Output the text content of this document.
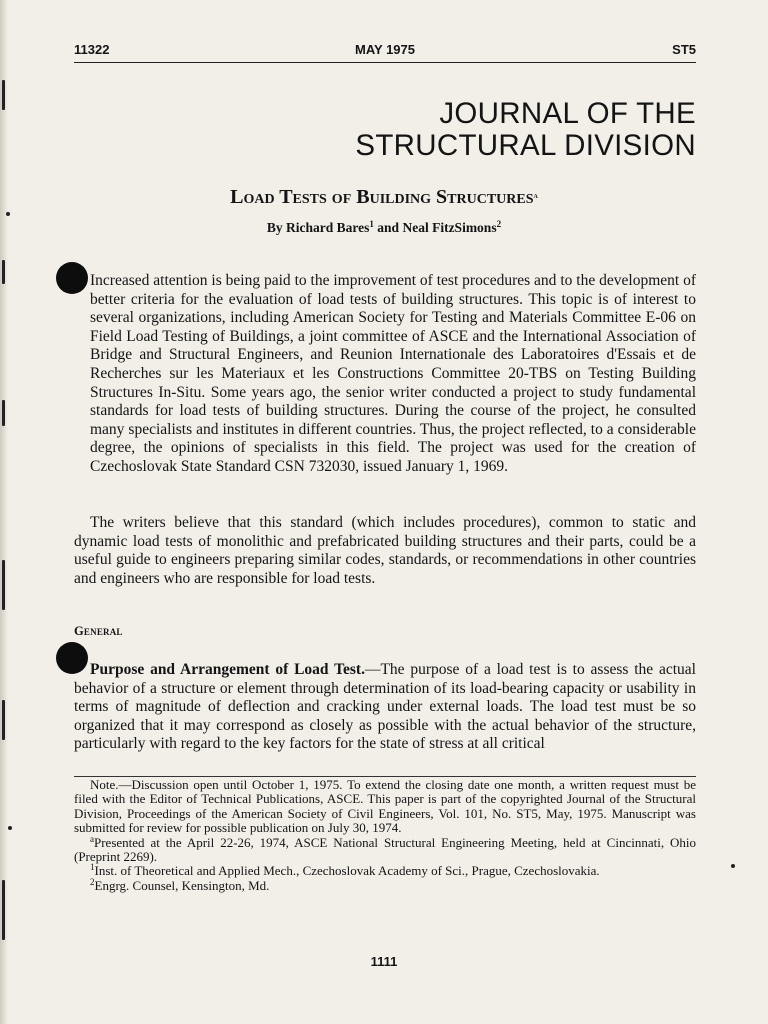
11322	MAY 1975	ST5
JOURNAL OF THE
STRUCTURAL DIVISION
Load Tests of Building Structures$^a$
By Richard Bares$^1$ and Neal FitzSimons$^2$

Increased attention is being paid to the improvement of test procedures and to the development of better criteria for the evaluation of load tests of building structures. This topic is of interest to several organizations, including American Society for Testing and Materials Committee E-06 on Field Load Testing of Buildings, a joint committee of ASCE and the International Association of Bridge and Structural Engineers, and Reunion Internationale des Laboratoires d'Essais et de Recherches sur les Materiaux et les Constructions Committee 20-TBS on Testing Building Structures In-Situ. Some years ago, the senior writer conducted a project to study fundamental standards for load tests of building structures. During the course of the project, he consulted many specialists and institutes in different countries. Thus, the project reflected, to a considerable degree, the opinions of specialists in this field. The project was used for the creation of Czechoslovak State Standard CSN 732030, issued January 1, 1969.

The writers believe that this standard (which includes procedures), common to static and dynamic load tests of monolithic and prefabricated building structures and their parts, could be a useful guide to engineers preparing similar codes, standards, or recommendations in other countries and engineers who are responsible for load tests.

General

Purpose and Arrangement of Load Test.—The purpose of a load test is to assess the actual behavior of a structure or element through determination of its load-bearing capacity or usability in terms of magnitude of deflection and cracking under external loads. The load test must be so organized that it may correspond as closely as possible with the actual behavior of the structure, particularly with regard to the key factors for the state of stress at all critical

Note.—Discussion open until October 1, 1975. To extend the closing date one month, a written request must be filed with the Editor of Technical Publications, ASCE. This paper is part of the copyrighted Journal of the Structural Division, Proceedings of the American Society of Civil Engineers, Vol. 101, No. ST5, May, 1975. Manuscript was submitted for review for possible publication on July 30, 1974.

$^a$Presented at the April 22-26, 1974, ASCE National Structural Engineering Meeting, held at Cincinnati, Ohio (Preprint 2269).

$^1$Inst. of Theoretical and Applied Mech., Czechoslovak Academy of Sci., Prague, Czechoslovakia.

$^2$Engrg. Counsel, Kensington, Md.

1111
